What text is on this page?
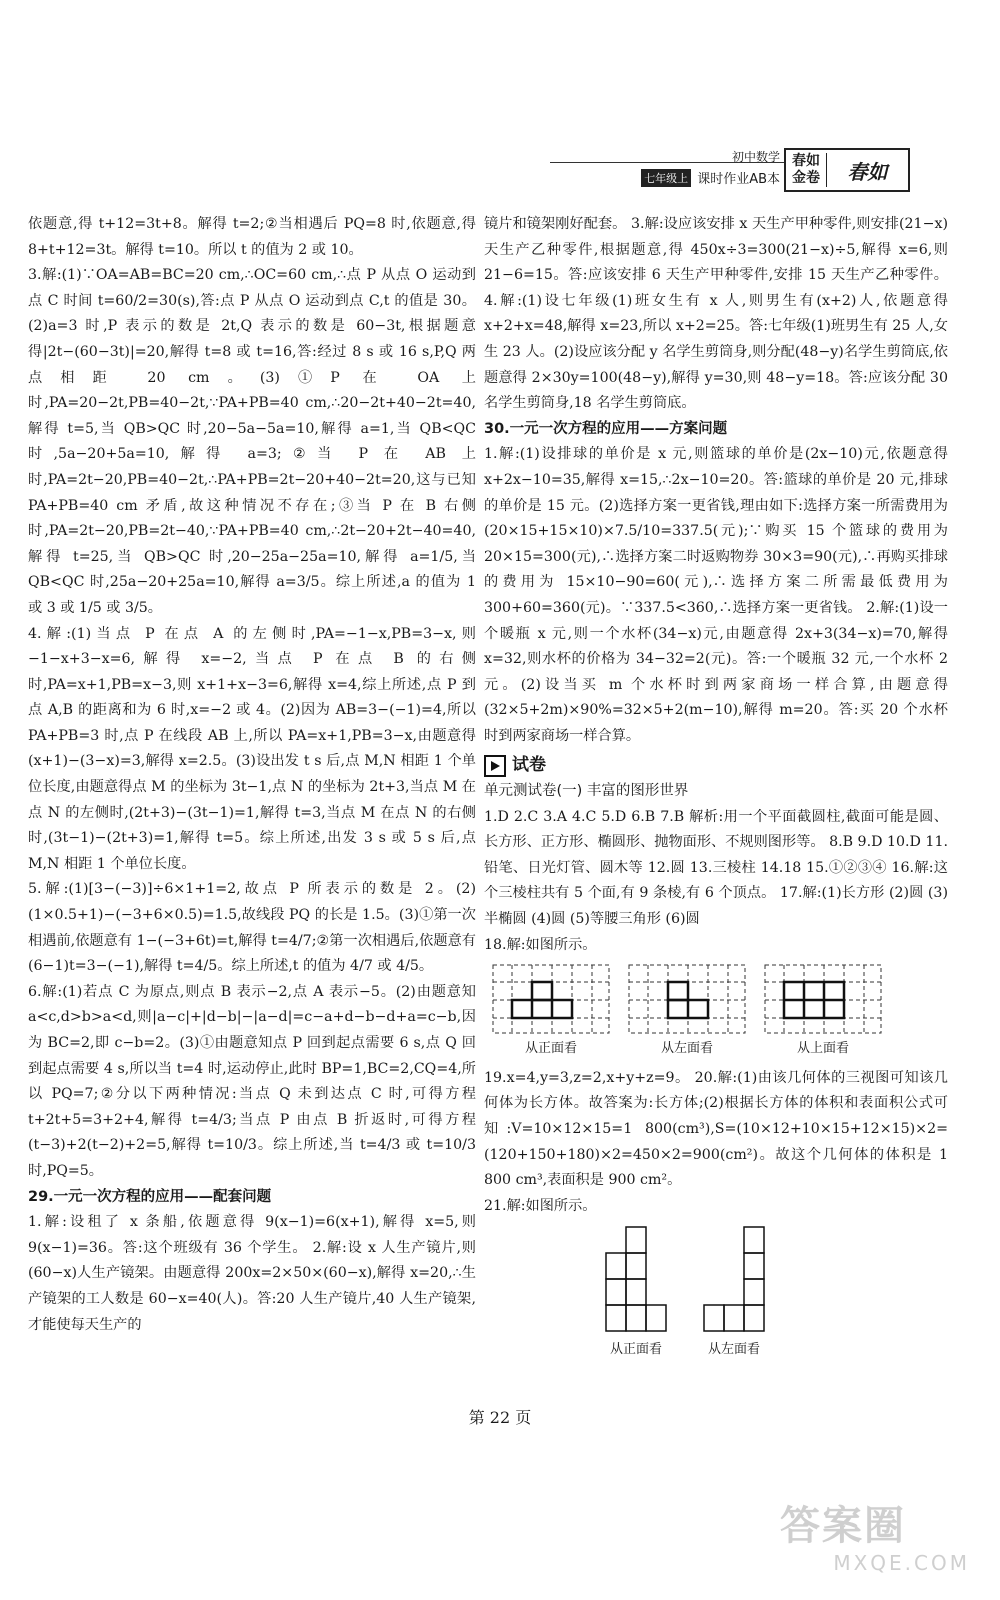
初中数学
七年级上 课时作业AB本
春如金卷	春如

依题意,得 t+12=3t+8。解得 t=2;②当相遇后 PQ=8 时,依题意,得 8+t+12=3t。解得 t=10。所以 t 的值为 2 或 10。

3.解:(1)∵OA=AB=BC=20 cm,∴OC=60 cm,∴点 P 从点 O 运动到点 C 时间 t=60/2=30(s),答:点 P 从点 O 运动到点 C,t 的值是 30。(2)a=3 时,P 表示的数是 2t,Q 表示的数是 60−3t,根据题意得|2t−(60−3t)|=20,解得 t=8 或 t=16,答:经过 8 s 或 16 s,P,Q 两点相距 20 cm。(3)①P 在 OA 上时,PA=20−2t,PB=40−2t,∵PA+PB=40 cm,∴20−2t+40−2t=40,解得 t=5,当 QB>QC 时,20−5a−5a=10,解得 a=1,当 QB<QC 时,5a−20+5a=10,解得 a=3;②当 P 在 AB 上时,PA=2t−20,PB=40−2t,∴PA+PB=2t−20+40−2t=20,这与已知 PA+PB=40 cm 矛盾,故这种情况不存在;③当 P 在 B 右侧时,PA=2t−20,PB=2t−40,∵PA+PB=40 cm,∴2t−20+2t−40=40,解得 t=25,当 QB>QC 时,20−25a−25a=10,解得 a=1/5,当 QB<QC 时,25a−20+25a=10,解得 a=3/5。综上所述,a 的值为 1 或 3 或 1/5 或 3/5。

4.解:(1)当点 P 在点 A 的左侧时,PA=−1−x,PB=3−x,则−1−x+3−x=6,解得 x=−2,当点 P 在点 B 的右侧时,PA=x+1,PB=x−3,则 x+1+x−3=6,解得 x=4,综上所述,点 P 到点 A,B 的距离和为 6 时,x=−2 或 4。(2)因为 AB=3−(−1)=4,所以 PA+PB=3 时,点 P 在线段 AB 上,所以 PA=x+1,PB=3−x,由题意得(x+1)−(3−x)=3,解得 x=2.5。(3)设出发 t s 后,点 M,N 相距 1 个单位长度,由题意得点 M 的坐标为 3t−1,点 N 的坐标为 2t+3,当点 M 在点 N 的左侧时,(2t+3)−(3t−1)=1,解得 t=3,当点 M 在点 N 的右侧时,(3t−1)−(2t+3)=1,解得 t=5。综上所述,出发 3 s 或 5 s 后,点 M,N 相距 1 个单位长度。

5.解:(1)[3−(−3)]÷6×1+1=2,故点 P 所表示的数是 2。(2)(1×0.5+1)−(−3+6×0.5)=1.5,故线段 PQ 的长是 1.5。(3)①第一次相遇前,依题意有 1−(−3+6t)=t,解得 t=4/7;②第一次相遇后,依题意有(6−1)t=3−(−1),解得 t=4/5。综上所述,t 的值为 4/7 或 4/5。

6.解:(1)若点 C 为原点,则点 B 表示−2,点 A 表示−5。(2)由题意知 a<c,d>b>a<d,则|a−c|+|d−b|−|a−d|=c−a+d−b−d+a=c−b,因为 BC=2,即 c−b=2。(3)①由题意知点 P 回到起点需要 6 s,点 Q 回到起点需要 4 s,所以当 t=4 时,运动停止,此时 BP=1,BC=2,CQ=4,所以 PQ=7;②分以下两种情况:当点 Q 未到达点 C 时,可得方程 t+2t+5=3+2+4,解得 t=4/3;当点 P 由点 B 折返时,可得方程(t−3)+2(t−2)+2=5,解得 t=10/3。综上所述,当 t=4/3 或 t=10/3 时,PQ=5。

29.一元一次方程的应用——配套问题

1.解:设租了 x 条船,依题意得 9(x−1)=6(x+1),解得 x=5,则 9(x−1)=36。答:这个班级有 36 个学生。 2.解:设 x 人生产镜片,则(60−x)人生产镜架。由题意得 200x=2×50×(60−x),解得 x=20,∴生产镜架的工人数是 60−x=40(人)。答:20 人生产镜片,40 人生产镜架,才能使每天生产的

镜片和镜架刚好配套。 3.解:设应该安排 x 天生产甲种零件,则安排(21−x)天生产乙种零件,根据题意,得 450x÷3=300(21−x)÷5,解得 x=6,则 21−6=15。答:应该安排 6 天生产甲种零件,安排 15 天生产乙种零件。 4.解:(1)设七年级(1)班女生有 x 人,则男生有(x+2)人,依题意得 x+2+x=48,解得 x=23,所以 x+2=25。答:七年级(1)班男生有 25 人,女生 23 人。(2)设应该分配 y 名学生剪筒身,则分配(48−y)名学生剪筒底,依题意得 2×30y=100(48−y),解得 y=30,则 48−y=18。答:应该分配 30 名学生剪筒身,18 名学生剪筒底。

30.一元一次方程的应用——方案问题

1.解:(1)设排球的单价是 x 元,则篮球的单价是(2x−10)元,依题意得 x+2x−10=35,解得 x=15,∴2x−10=20。答:篮球的单价是 20 元,排球的单价是 15 元。(2)选择方案一更省钱,理由如下:选择方案一所需费用为(20×15+15×10)×7.5/10=337.5(元);∵购买 15 个篮球的费用为 20×15=300(元),∴选择方案二时返购物券 30×3=90(元),∴再购买排球的费用为 15×10−90=60(元),∴选择方案二所需最低费用为 300+60=360(元)。∵337.5<360,∴选择方案一更省钱。 2.解:(1)设一个暖瓶 x 元,则一个水杯(34−x)元,由题意得 2x+3(34−x)=70,解得 x=32,则水杯的价格为 34−32=2(元)。答:一个暖瓶 32 元,一个水杯 2 元。(2)设当买 m 个水杯时到两家商场一样合算,由题意得(32×5+2m)×90%=32×5+2(m−10),解得 m=20。答:买 20 个水杯时到两家商场一样合算。

试卷

单元测试卷(一) 丰富的图形世界

1.D 2.C 3.A 4.C 5.D 6.B 7.B 解析:用一个平面截圆柱,截面可能是圆、长方形、正方形、椭圆形、抛物面形、不规则图形等。 8.B 9.D 10.D 11.铅笔、日光灯管、圆木等 12.圆 13.三棱柱 14.18 15.①②③④ 16.解:这个三棱柱共有 5 个面,有 9 条棱,有 6 个顶点。 17.解:(1)长方形 (2)圆 (3)半椭圆 (4)圆 (5)等腰三角形 (6)圆

18.解:如图所示。

从正面看	从左面看	从上面看

19.x=4,y=3,z=2,x+y+z=9。 20.解:(1)由该几何体的三视图可知该几何体为长方体。故答案为:长方体;(2)根据长方体的体积和表面积公式可知:V=10×12×15=1 800(cm³),S=(10×12+10×15+12×15)×2=(120+150+180)×2=450×2=900(cm²)。故这个几何体的体积是 1 800 cm³,表面积是 900 cm²。

21.解:如图所示。

从正面看	从左面看
第 22 页
答案圈
MXQE.COM
